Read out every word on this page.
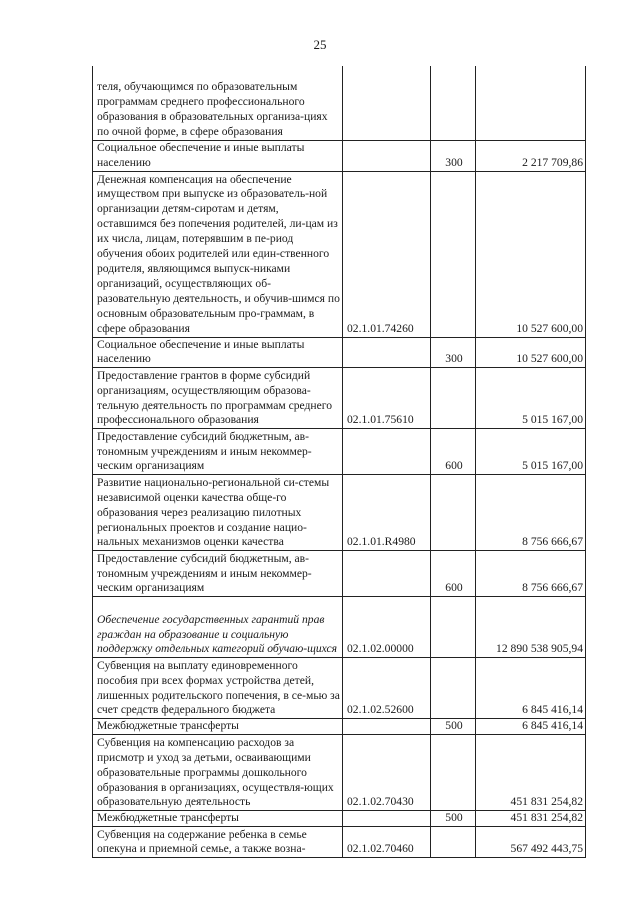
25
теля, обучающимся по образовательным программам среднего профессионального образования в образовательных организа-циях по очной форме, в сфере образования			
Социальное обеспечение и иные выплаты населению		300	2 217 709,86
Денежная компенсация на обеспечение имуществом при выпуске из образователь-ной организации детям-сиротам и детям, оставшимся без попечения родителей, ли-цам из их числа, лицам, потерявшим в пе-риод обучения обоих родителей или един-ственного родителя, являющимся выпуск-никами организаций, осуществляющих об-разовательную деятельность, и обучив-шимся по основным образовательным про-граммам, в сфере образования	02.1.01.74260		10 527 600,00
Социальное обеспечение и иные выплаты населению		300	10 527 600,00
Предоставление грантов в форме субсидий организациям, осуществляющим образова-тельную деятельность по программам среднего профессионального образования	02.1.01.75610		5 015 167,00
Предоставление субсидий бюджетным, ав-тономным учреждениям и иным некоммер-ческим организациям		600	5 015 167,00
Развитие национально-региональной си-стемы независимой оценки качества обще-го образования через реализацию пилотных региональных проектов и создание нацио-нальных механизмов оценки качества	02.1.01.R4980		8 756 666,67
Предоставление субсидий бюджетным, ав-тономным учреждениям и иным некоммер-ческим организациям		600	8 756 666,67
Обеспечение государственных гарантий прав граждан на образование и социальную поддержку отдельных категорий обучаю-щихся	02.1.02.00000		12 890 538 905,94
Субвенция на выплату единовременного пособия при всех формах устройства детей, лишенных родительского попечения, в се-мью за счет средств федерального бюджета	02.1.02.52600		6 845 416,14
Межбюджетные трансферты		500	6 845 416,14
Субвенция на компенсацию расходов за присмотр и уход за детьми, осваивающими образовательные программы дошкольного образования в организациях, осуществля-ющих образовательную деятельность	02.1.02.70430		451 831 254,82
Межбюджетные трансферты		500	451 831 254,82
Субвенция на содержание ребенка в семье опекуна и приемной семье, а также возна-	02.1.02.70460		567 492 443,75
